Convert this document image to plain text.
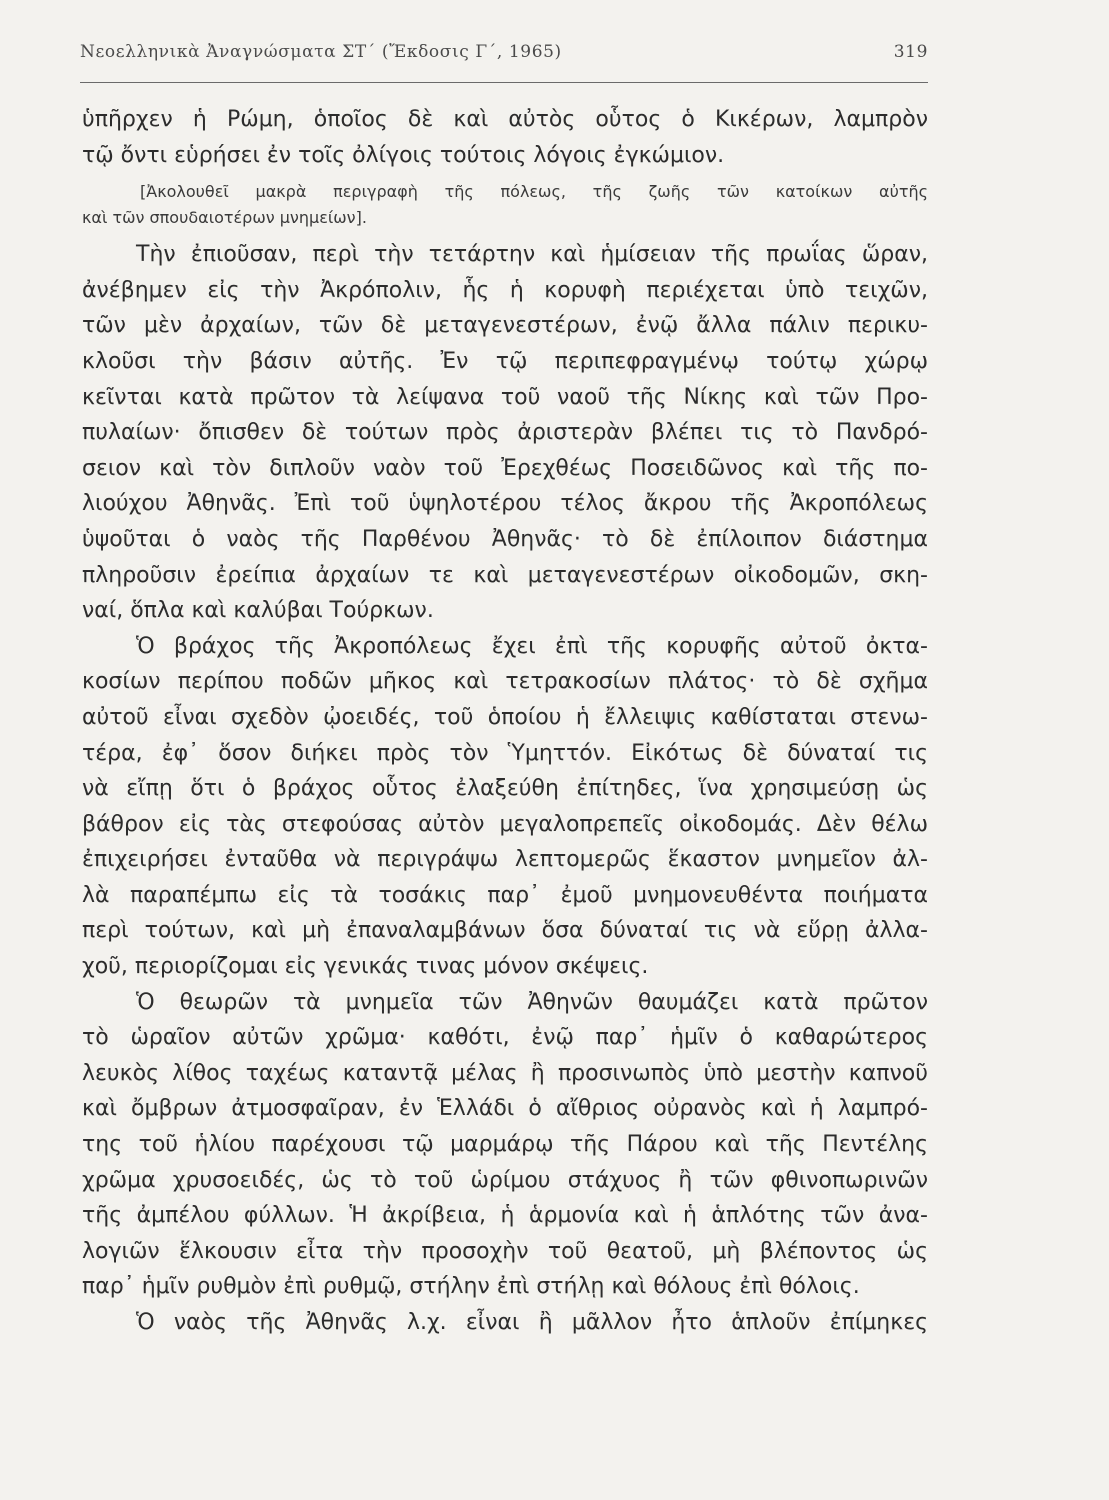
Νεοελληνικὰ Ἀναγνώσματα ΣΤ´ (Ἔκδοσις Γ´, 1965)	319
ὑπῆρχεν ἡ Ρώμη, ὁποῖος δὲ καὶ αὐτὸς οὗτος ὁ Κικέρων, λαμπρὸν
τῷ ὄντι εὑρήσει ἐν τοῖς ὀλίγοις τούτοις λόγοις ἐγκώμιον.
[Ἀκολουθεῖ μακρὰ περιγραφὴ τῆς πόλεως, τῆς ζωῆς τῶν κατοίκων αὐτῆς
καὶ τῶν σπουδαιοτέρων μνημείων].
Τὴν ἐπιοῦσαν, περὶ τὴν τετάρτην καὶ ἡμίσειαν τῆς πρωΐας ὥραν,
ἀνέβημεν εἰς τὴν Ἀκρόπολιν, ἧς ἡ κορυφὴ περιέχεται ὑπὸ τειχῶν,
τῶν μὲν ἀρχαίων, τῶν δὲ μεταγενεστέρων, ἐνῷ ἄλλα πάλιν περικυ-
κλοῦσι τὴν βάσιν αὐτῆς. Ἐν τῷ περιπεφραγμένῳ τούτῳ χώρῳ
κεῖνται κατὰ πρῶτον τὰ λείψανα τοῦ ναοῦ τῆς Νίκης καὶ τῶν Προ-
πυλαίων· ὄπισθεν δὲ τούτων πρὸς ἀριστερὰν βλέπει τις τὸ Πανδρό-
σειον καὶ τὸν διπλοῦν ναὸν τοῦ Ἐρεχθέως Ποσειδῶνος καὶ τῆς πο-
λιούχου Ἀθηνᾶς. Ἐπὶ τοῦ ὑψηλοτέρου τέλος ἄκρου τῆς Ἀκροπόλεως
ὑψοῦται ὁ ναὸς τῆς Παρθένου Ἀθηνᾶς· τὸ δὲ ἐπίλοιπον διάστημα
πληροῦσιν ἐρείπια ἀρχαίων τε καὶ μεταγενεστέρων οἰκοδομῶν, σκη-
ναί, ὅπλα καὶ καλύβαι Τούρκων.
Ὁ βράχος τῆς Ἀκροπόλεως ἔχει ἐπὶ τῆς κορυφῆς αὐτοῦ ὀκτα-
κοσίων περίπου ποδῶν μῆκος καὶ τετρακοσίων πλάτος· τὸ δὲ σχῆμα
αὐτοῦ εἶναι σχεδὸν ᾠοειδές, τοῦ ὁποίου ἡ ἔλλειψις καθίσταται στενω-
τέρα, ἐφ᾽ ὅσον διήκει πρὸς τὸν Ὑμηττόν. Εἰκότως δὲ δύναταί τις
νὰ εἴπῃ ὅτι ὁ βράχος οὗτος ἐλαξεύθη ἐπίτηδες, ἵνα χρησιμεύσῃ ὡς
βάθρον εἰς τὰς στεφούσας αὐτὸν μεγαλοπρεπεῖς οἰκοδομάς. Δὲν θέλω
ἐπιχειρήσει ἐνταῦθα νὰ περιγράψω λεπτομερῶς ἕκαστον μνημεῖον ἀλ-
λὰ παραπέμπω εἰς τὰ τοσάκις παρ᾽ ἐμοῦ μνημονευθέντα ποιήματα
περὶ τούτων, καὶ μὴ ἐπαναλαμβάνων ὅσα δύναταί τις νὰ εὕρῃ ἀλλα-
χοῦ, περιορίζομαι εἰς γενικάς τινας μόνον σκέψεις.
Ὁ θεωρῶν τὰ μνημεῖα τῶν Ἀθηνῶν θαυμάζει κατὰ πρῶτον
τὸ ὡραῖον αὐτῶν χρῶμα· καθότι, ἐνῷ παρ᾽ ἡμῖν ὁ καθαρώτερος
λευκὸς λίθος ταχέως καταντᾷ μέλας ἢ προσινωπὸς ὑπὸ μεστὴν καπνοῦ
καὶ ὄμβρων ἀτμοσφαῖραν, ἐν Ἑλλάδι ὁ αἴθριος οὐρανὸς καὶ ἡ λαμπρό-
της τοῦ ἡλίου παρέχουσι τῷ μαρμάρῳ τῆς Πάρου καὶ τῆς Πεντέλης
χρῶμα χρυσοειδές, ὡς τὸ τοῦ ὡρίμου στάχυος ἢ τῶν φθινοπωρινῶν
τῆς ἀμπέλου φύλλων. Ἡ ἀκρίβεια, ἡ ἁρμονία καὶ ἡ ἁπλότης τῶν ἀνα-
λογιῶν ἕλκουσιν εἶτα τὴν προσοχὴν τοῦ θεατοῦ, μὴ βλέποντος ὡς
παρ᾽ ἡμῖν ρυθμὸν ἐπὶ ρυθμῷ, στήλην ἐπὶ στήλῃ καὶ θόλους ἐπὶ θόλοις.
Ὁ ναὸς τῆς Ἀθηνᾶς λ.χ. εἶναι ἢ μᾶλλον ἦτο ἁπλοῦν ἐπίμηκες
